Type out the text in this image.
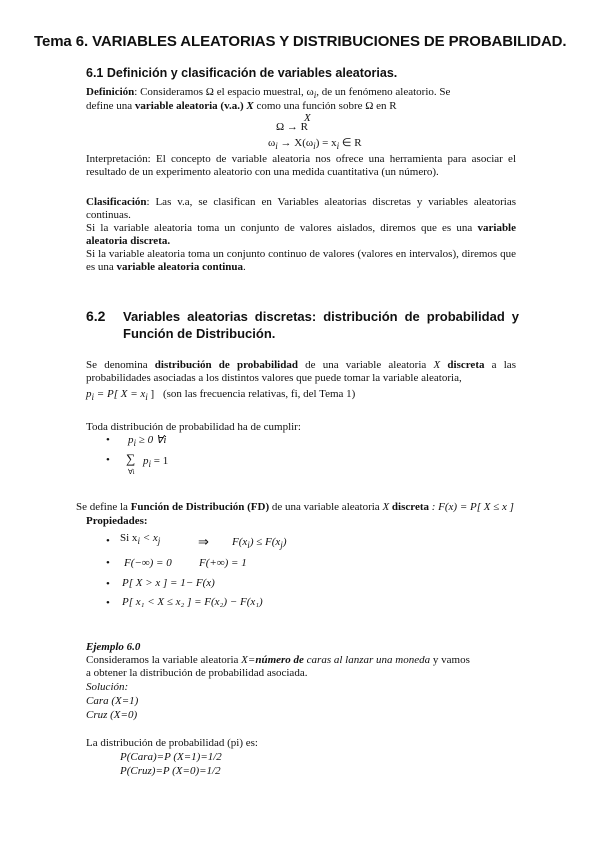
Tema 6. VARIABLES ALEATORIAS Y DISTRIBUCIONES DE PROBABILIDAD.
6.1 Definición y clasificación de variables aleatorias.
Definición: Consideramos Ω el espacio muestral, $\omega_i$, de un fenómeno aleatorio. Se
define una variable aleatoria (v.a.) X como una función sobre Ω en R
X
Ω → R
$\omega_i \to X(\omega_i) = x_i$ ∈ R
Interpretación: El concepto de variable aleatoria nos ofrece una herramienta para asociar el resultado de un experimento aleatorio con una medida cuantitativa (un número).
Clasificación: Las v.a, se clasifican en Variables aleatorias discretas y variables aleatorias continuas.
Si la variable aleatoria toma un conjunto de valores aislados, diremos que es una variable aleatoria discreta.
Si la variable aleatoria toma un conjunto continuo de valores (valores en intervalos), diremos que es una variable aleatoria continua.
6.2 Variables aleatorias discretas: distribución de probabilidad y Función de Distribución.
Se denomina distribución de probabilidad de una variable aleatoria X discreta a las probabilidades asociadas a los distintos valores que puede tomar la variable aleatoria,
$p_i = P$[ $X = x_i$ ] (son las frecuencia relativas, fi, del Tema 1)
Toda distribución de probabilidad ha de cumplir:
• $p_i \ge 0$ ∀i
• ∑
∀i
$p_i = 1$
Se define la Función de Distribución (FD) de una variable aleatoria X discreta : F(x) = P[ X ≤ x ]
Propiedades:
• Si $x_i < x_j$	⇒ $F(x_i) \le F(x_j)$
• F(−∞) = 0 F(+∞) = 1
• P[ X > x ] = 1− F(x)
• P[ x₁ < X ≤ x₂ ] = F(x₂) − F(x₁)
Ejemplo 6.0
Consideramos la variable aleatoria X=número de caras al lanzar una moneda y vamos
a obtener la distribución de probabilidad asociada.
Solución:
Cara (X=1)
Cruz (X=0)
La distribución de probabilidad (pi) es:
P(Cara)=P (X=1)=1/2
P(Cruz)=P (X=0)=1/2
